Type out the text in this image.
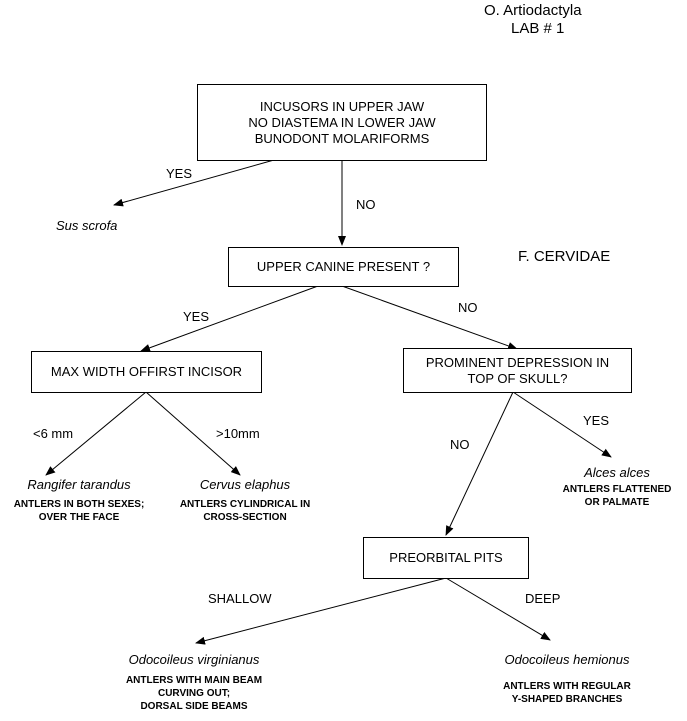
O. Artiodactyla
LAB # 1
F. CERVIDAE
INCUSORS IN UPPER JAW
NO DIASTEMA IN LOWER JAW
BUNODONT MOLARIFORMS
UPPER CANINE PRESENT ?
MAX WIDTH OFFIRST INCISOR
PROMINENT DEPRESSION IN
TOP OF SKULL?
PREORBITAL PITS
YES
NO
YES
NO
<6 mm	>10mm
YES
NO
SHALLOW	DEEP
Sus scrofa
Rangifer tarandus
ANTLERS IN BOTH SEXES;
OVER THE FACE
Cervus elaphus
ANTLERS CYLINDRICAL IN
CROSS-SECTION
Alces alces
ANTLERS FLATTENED
OR PALMATE
Odocoileus virginianus
ANTLERS WITH MAIN BEAM
CURVING OUT;
DORSAL SIDE BEAMS
Odocoileus hemionus
ANTLERS WITH REGULAR
Y-SHAPED BRANCHES
